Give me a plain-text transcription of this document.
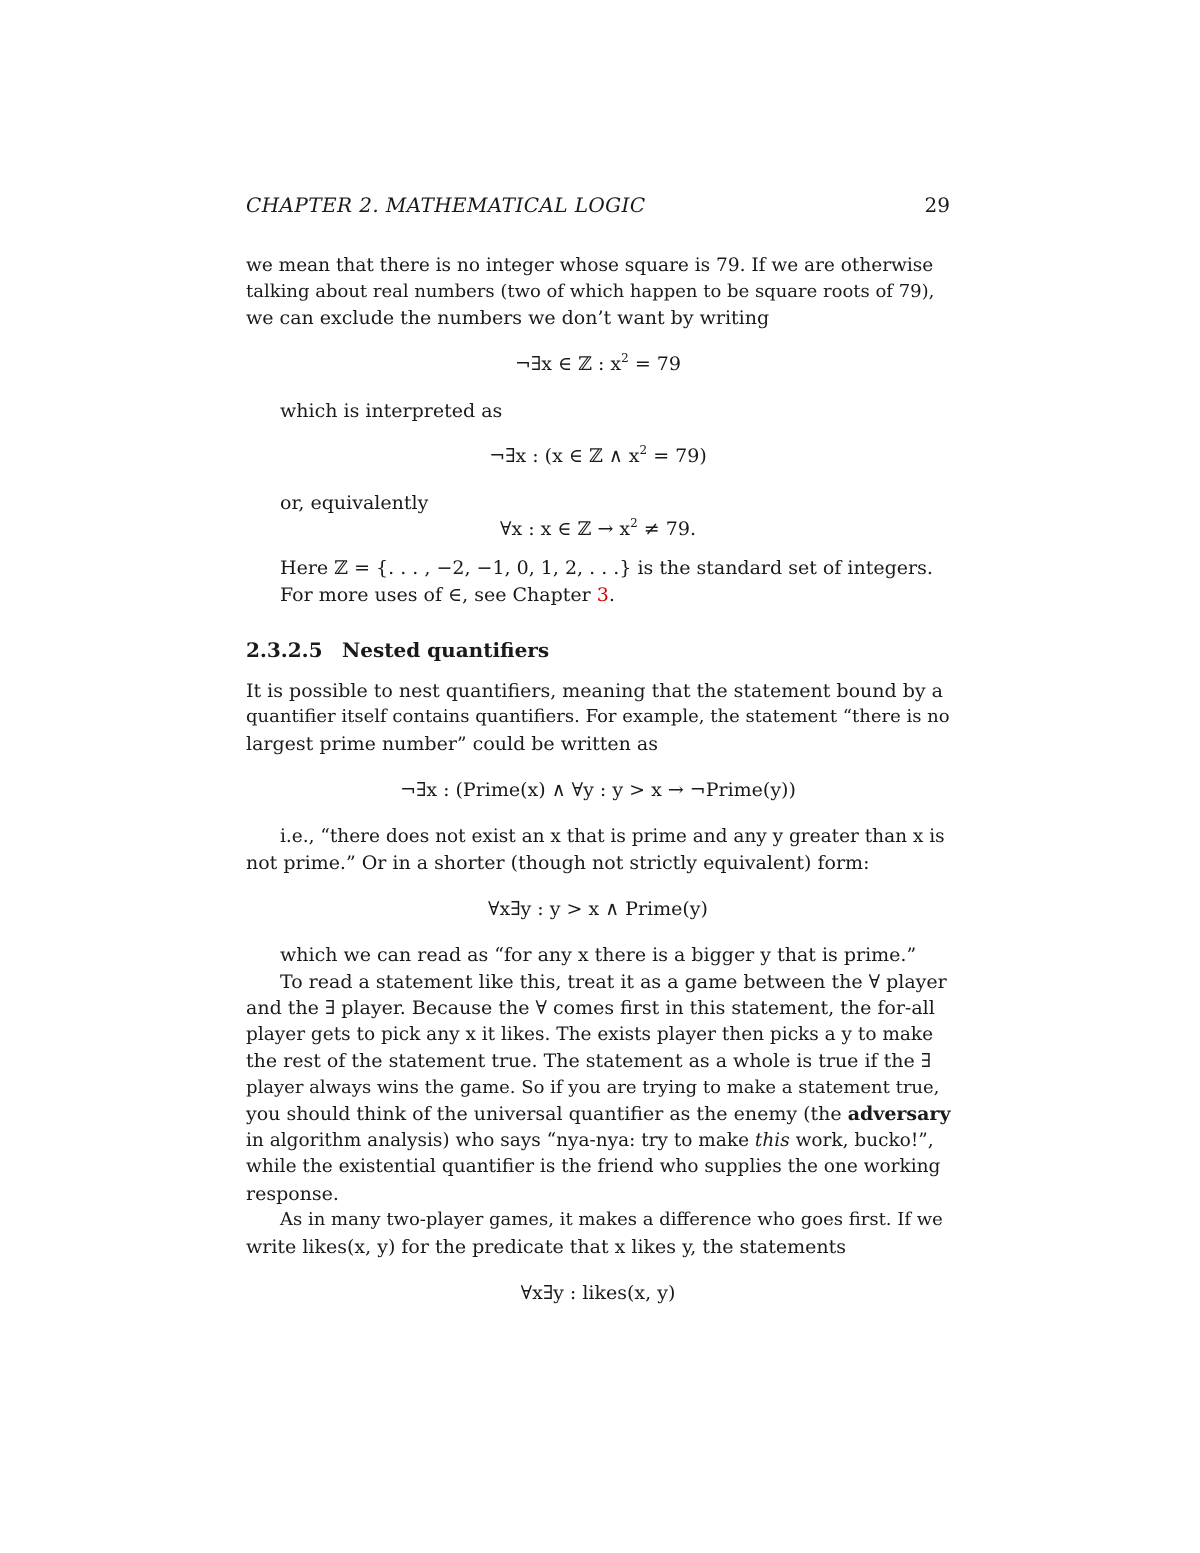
CHAPTER 2. MATHEMATICAL LOGIC	29
we mean that there is no integer whose square is 79. If we are otherwise
talking about real numbers (two of which happen to be square roots of 79),
we can exclude the numbers we don’t want by writing
¬∃x ∈ ℤ : $x^2 = 79$
which is interpreted as
¬∃x : (x ∈ ℤ ∧ $x^2 = 79$)
or, equivalently
∀x : x ∈ ℤ → $x^2 \ne 79$.
Here ℤ = {. . . , −2, −1, 0, 1, 2, . . .} is the standard set of integers.
For more uses of ∈, see Chapter 3.
2.3.2.5 Nested quantifiers
It is possible to nest quantifiers, meaning that the statement bound by a
quantifier itself contains quantifiers. For example, the statement “there is no
largest prime number” could be written as
¬∃x : (Prime(x) ∧ ∀y : y > x → ¬Prime(y))
i.e., “there does not exist an x that is prime and any y greater than x is
not prime.” Or in a shorter (though not strictly equivalent) form:
∀x∃y : y > x ∧ Prime(y)
which we can read as “for any x there is a bigger y that is prime.”
To read a statement like this, treat it as a game between the ∀ player
and the ∃ player. Because the ∀ comes first in this statement, the for-all
player gets to pick any x it likes. The exists player then picks a y to make
the rest of the statement true. The statement as a whole is true if the ∃
player always wins the game. So if you are trying to make a statement true,
you should think of the universal quantifier as the enemy (the adversary
in algorithm analysis) who says “nya-nya: try to make this work, bucko!”,
while the existential quantifier is the friend who supplies the one working
response.
As in many two-player games, it makes a difference who goes first. If we
write likes(x, y) for the predicate that x likes y, the statements
∀x∃y : likes(x, y)
